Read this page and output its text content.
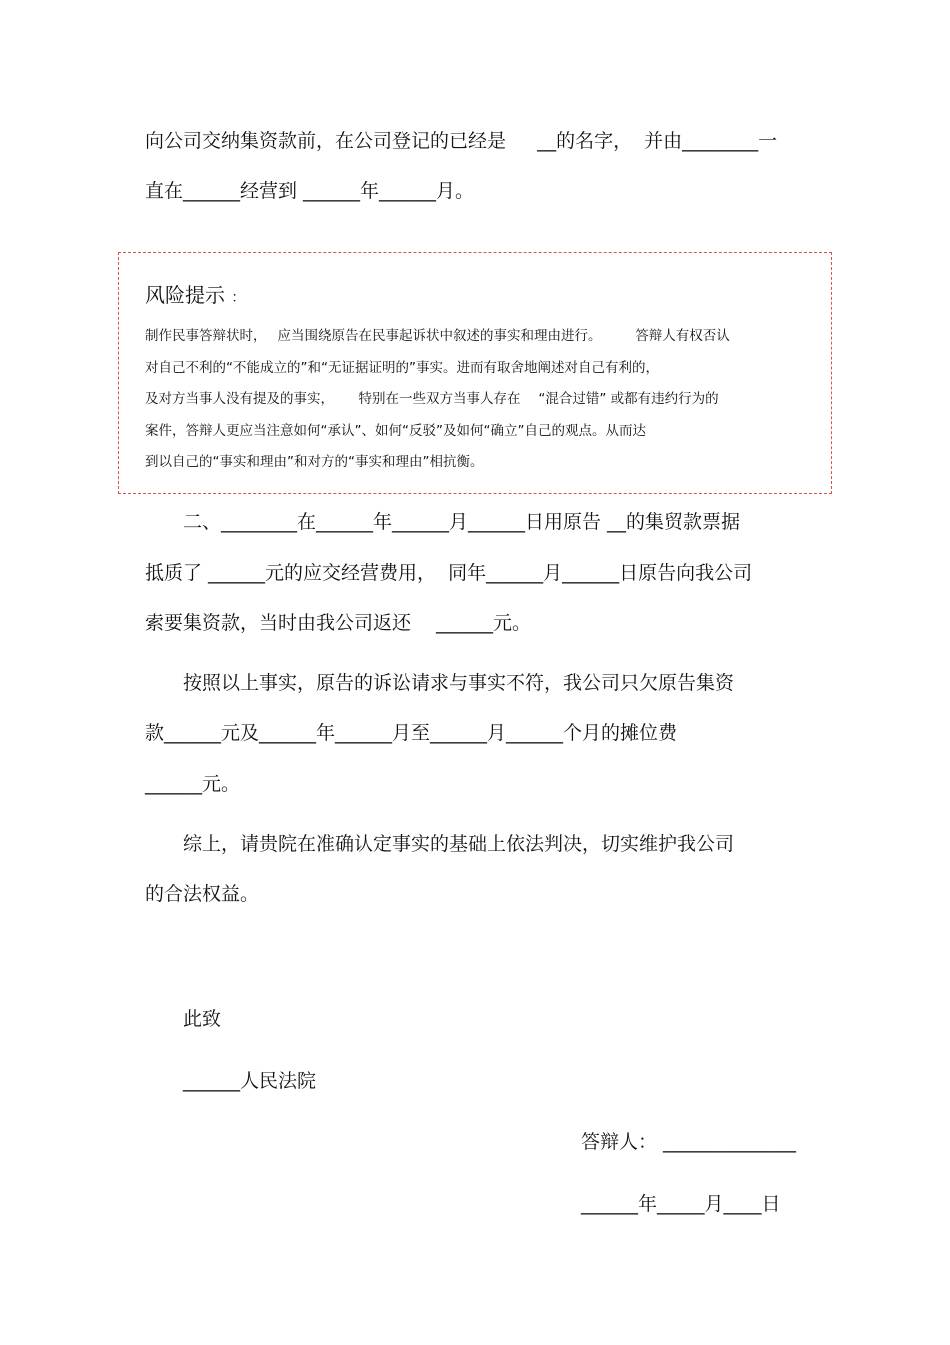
向公司交纳集资款前，在公司登记的已经是　  __的名字，  并由________一
直在______经营到 ______年______月。
风险提示 ：
制作民事答辩状时，　 应当围绕原告在民事起诉状中叙述的事实和理由进行。　　　答辩人有权否认
对自己不利的“不能成立的”和“无证据证明的”事实。进而有取舍地阐述对自己有利的，
及对方当事人没有提及的事实，　　 特别在一些双方当事人存在　 “混合过错” 或都有违约行为的
案件，答辩人更应当注意如何“承认”、如何“反驳”及如何“确立”自己的观点。从而达
到以自己的“事实和理由”和对方的“事实和理由”相抗衡。
二、________在______年______月______日用原告 __的集贸款票据
抵质了 ______元的应交经营费用，  同年______月______日原告向我公司
索要集资款，当时由我公司返还　 ______元。
按照以上事实，原告的诉讼请求与事实不符，我公司只欠原告集资
款______元及______年______月至______月______个月的摊位费
______元。
综上，请贵院在准确认定事实的基础上依法判决，切实维护我公司
的合法权益。
此致
______人民法院
答辩人： ______________
______年_____月____日
